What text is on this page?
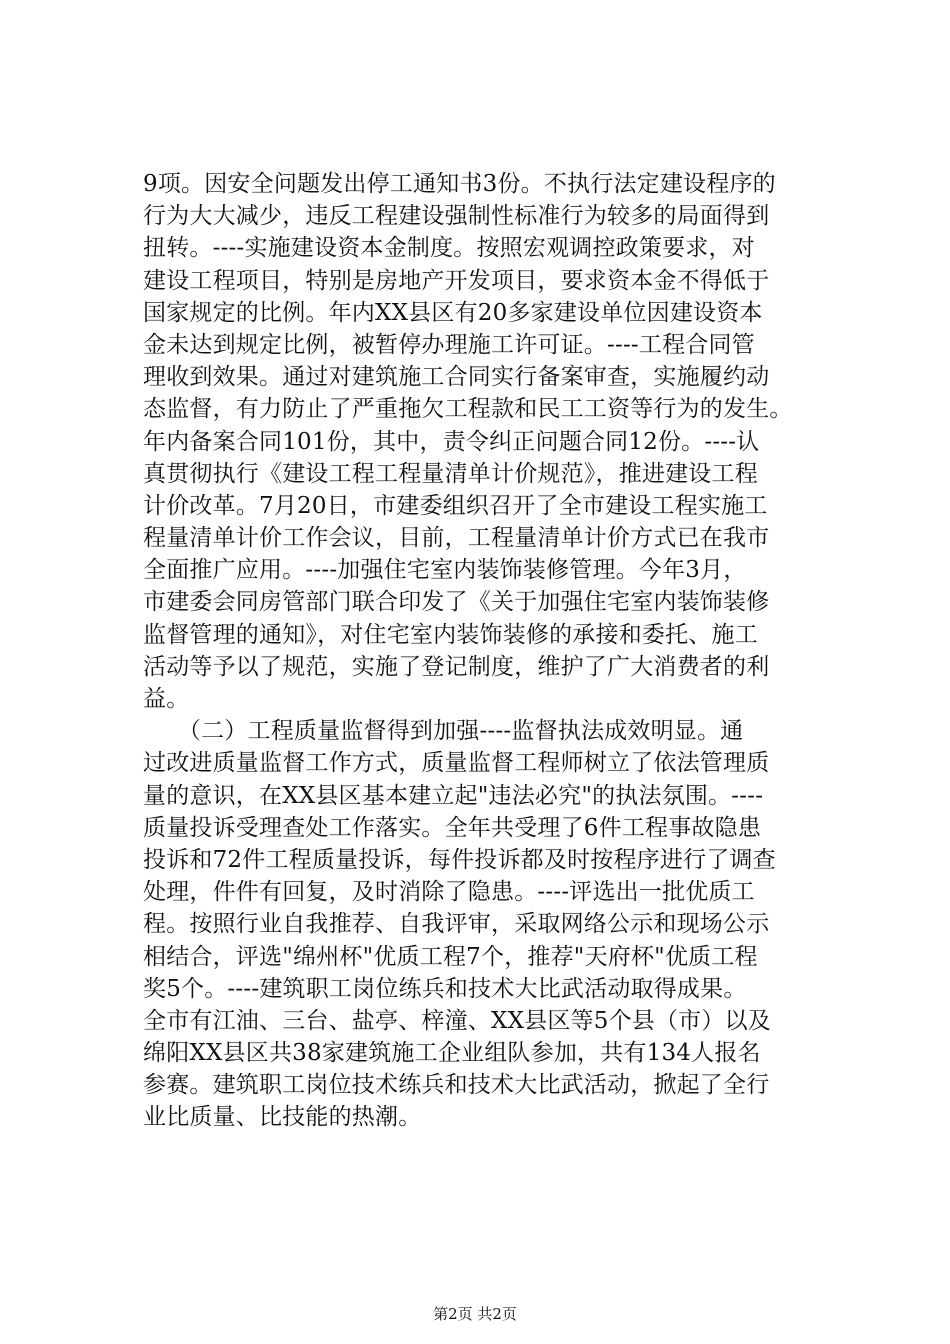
9项。因安全问题发出停工通知书3份。不执行法定建设程序的
行为大大减少，违反工程建设强制性标准行为较多的局面得到
扭转。----实施建设资本金制度。按照宏观调控政策要求，对
建设工程项目，特别是房地产开发项目，要求资本金不得低于
国家规定的比例。年内XX县区有20多家建设单位因建设资本
金未达到规定比例，被暂停办理施工许可证。----工程合同管
理收到效果。通过对建筑施工合同实行备案审查，实施履约动
态监督，有力防止了严重拖欠工程款和民工工资等行为的发生。
年内备案合同101份，其中，责令纠正问题合同12份。----认
真贯彻执行《建设工程工程量清单计价规范》，推进建设工程
计价改革。7月20日，市建委组织召开了全市建设工程实施工
程量清单计价工作会议，目前，工程量清单计价方式已在我市
全面推广应用。----加强住宅室内装饰装修管理。今年3月，
市建委会同房管部门联合印发了《关于加强住宅室内装饰装修
监督管理的通知》，对住宅室内装饰装修的承接和委托、施工
活动等予以了规范，实施了登记制度，维护了广大消费者的利
益。
　　（二）工程质量监督得到加强----监督执法成效明显。通
过改进质量监督工作方式，质量监督工程师树立了依法管理质
量的意识，在XX县区基本建立起"违法必究"的执法氛围。----
质量投诉受理查处工作落实。全年共受理了6件工程事故隐患
投诉和72件工程质量投诉，每件投诉都及时按程序进行了调查
处理，件件有回复，及时消除了隐患。----评选出一批优质工
程。按照行业自我推荐、自我评审，采取网络公示和现场公示
相结合，评选"绵州杯"优质工程7个，推荐"天府杯"优质工程
奖5个。----建筑职工岗位练兵和技术大比武活动取得成果。
全市有江油、三台、盐亭、梓潼、XX县区等5个县（市）以及
绵阳XX县区共38家建筑施工企业组队参加，共有134人报名
参赛。建筑职工岗位技术练兵和技术大比武活动，掀起了全行
业比质量、比技能的热潮。
第2页 共2页
